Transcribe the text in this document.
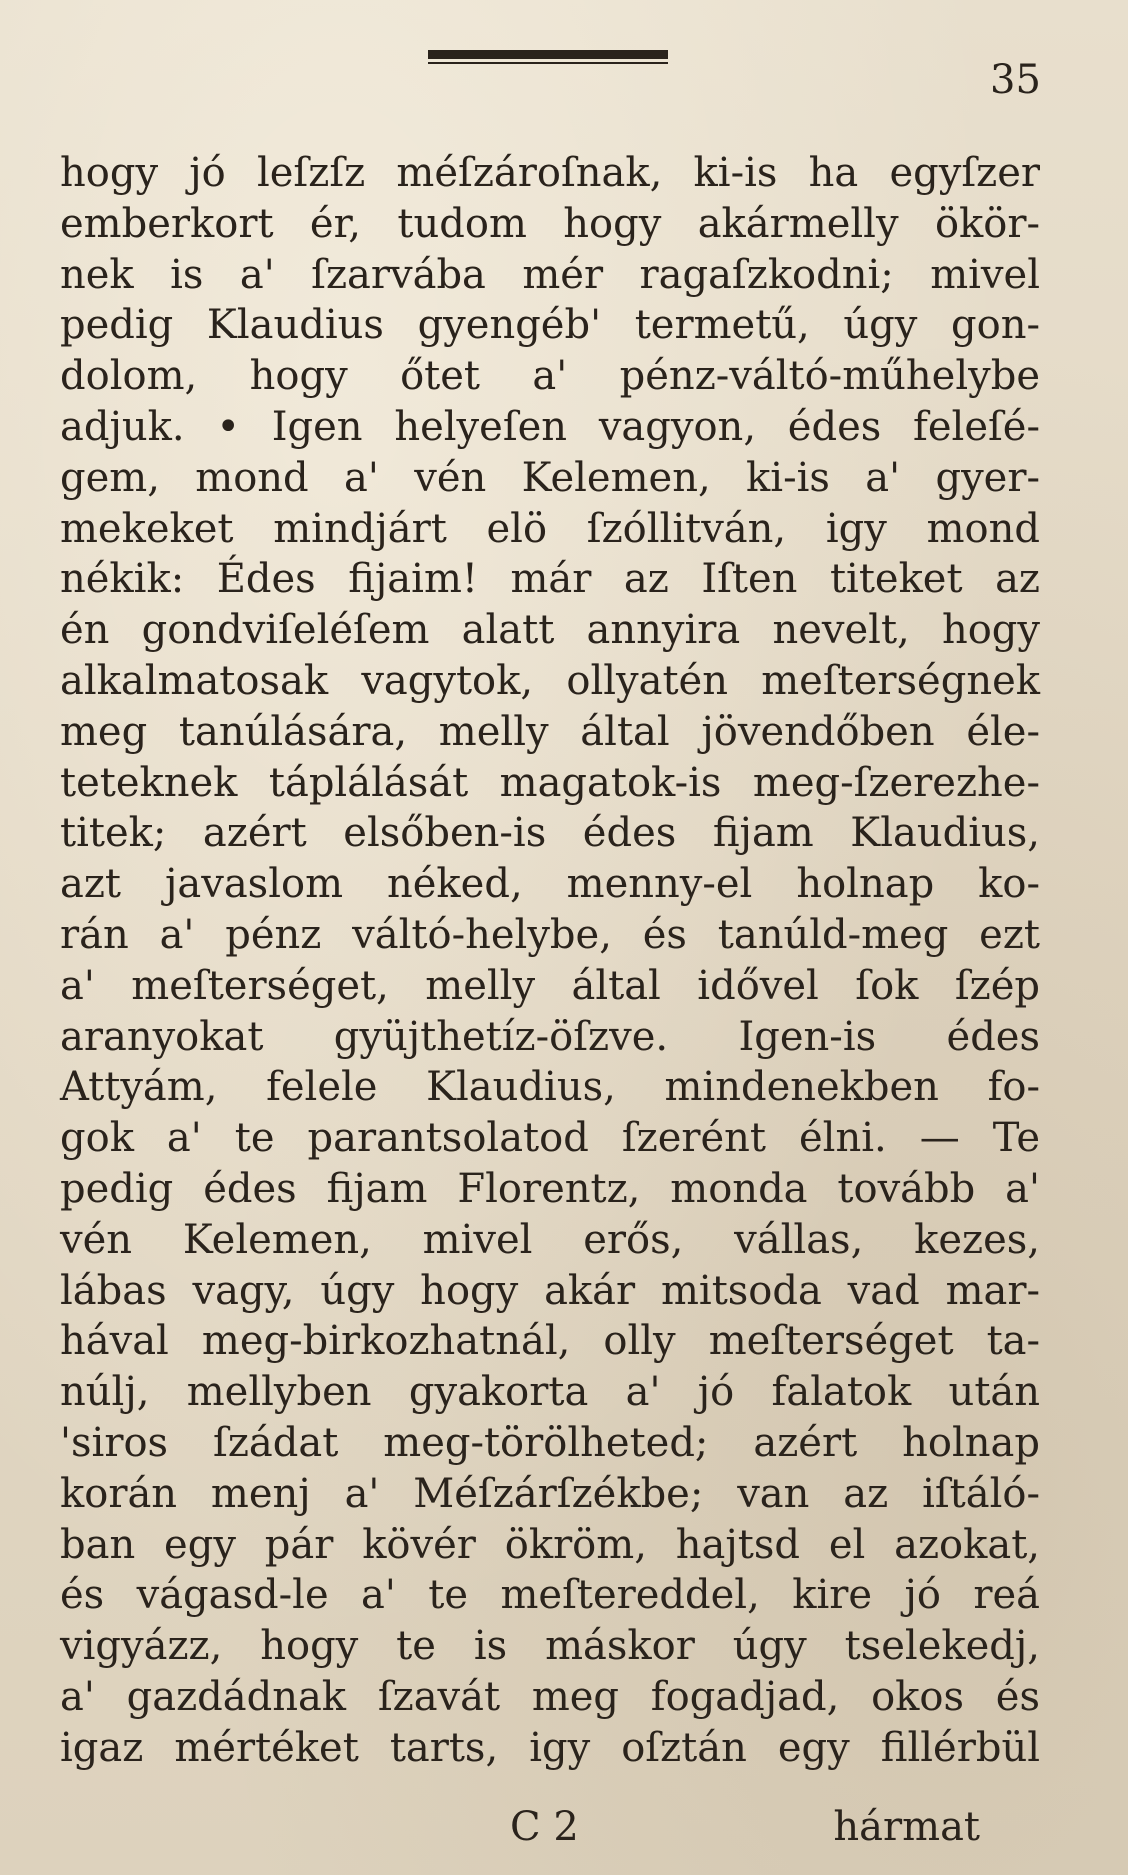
35
hogy jó leſzſz méſzároſnak, ki-is ha egyſzer
emberkort ér, tudom hogy akármelly ökör-
nek is a' ſzarvába mér ragaſzkodni; mivel
pedig Klaudius gyengéb' termetű, úgy gon-
dolom, hogy őtet a' pénz-váltó-műhelybe
adjuk. • Igen helyeſen vagyon, édes feleſé-
gem, mond a' vén Kelemen, ki-is a' gyer-
mekeket mindjárt elö ſzóllitván, igy mond
nékik: Édes fijaim! már az Iſten titeket az
én gondviſeléſem alatt annyira nevelt, hogy
alkalmatosak vagytok, ollyatén meſterségnek
meg tanúlására, melly által jövendőben éle-
teteknek táplálását magatok-is meg-ſzerezhe-
titek; azért elsőben-is édes fijam Klaudius,
azt javaslom néked, menny-el holnap ko-
rán a' pénz váltó-helybe, és tanúld-meg ezt
a' meſterséget, melly által idővel ſok ſzép
aranyokat gyüjthetíz-öſzve. Igen-is édes
Attyám, felele Klaudius, mindenekben fo-
gok a' te parantsolatod ſzerént élni. — Te
pedig édes fijam Florentz, monda tovább a'
vén Kelemen, mivel erős, vállas, kezes,
lábas vagy, úgy hogy akár mitsoda vad mar-
hával meg-birkozhatnál, olly meſterséget ta-
núlj, mellyben gyakorta a' jó falatok után
'siros ſzádat meg-törölheted; azért holnap
korán menj a' Méſzárſzékbe; van az iſtáló-
ban egy pár kövér ökröm, hajtsd el azokat,
és vágasd-le a' te meſtereddel, kire jó reá
vigyázz, hogy te is máskor úgy tselekedj,
a' gazdádnak ſzavát meg fogadjad, okos és
igaz mértéket tarts, igy oſztán egy fillérbül
C 2	hármat
